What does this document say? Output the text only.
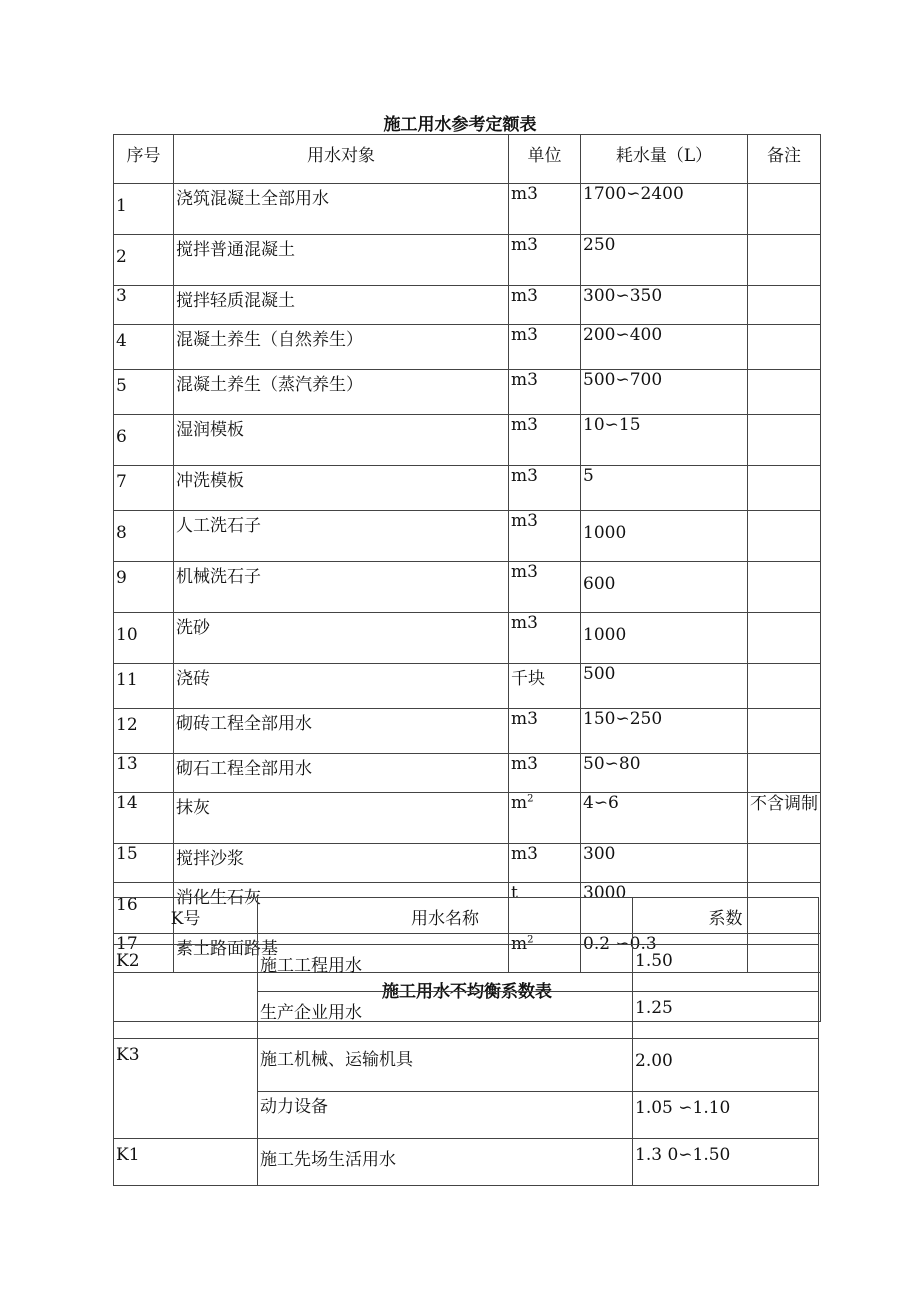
施工用水参考定额表
序号	用水对象	单位	耗水量（L）	备注
1	浇筑混凝土全部用水	m3	1700∽2400	
2	搅拌普通混凝土	m3	250	
3	搅拌轻质混凝土	m3	300∽350	
4	混凝土养生（自然养生）	m3	200∽400	
5	混凝土养生（蒸汽养生）	m3	500∽700	
6	湿润模板	m3	10∽15	
7	冲洗模板	m3	5	
8	人工洗石子	m3	1000	
9	机械洗石子	m3	600	
10	洗砂	m3	1000	
11	浇砖	千块	500	
12	砌砖工程全部用水	m3	150∽250	
13	砌石工程全部用水	m3	50∽80	
14	抹灰	$m^2$	4∽6	不含调制
15	搅拌沙浆	m3	300	
16	消化生石灰	t	3000	
17	素土路面路基	$m^2$	0.2 ∽0.3	
施工用水不均衡系数表				
K号	用水名称	系数
K2	施工工程用水	1.50
	生产企业用水	1.25
K3	施工机械、运输机具	2.00
	动力设备	1.05 ∽1.10
K1	施工先场生活用水	1.3 0∽1.50
